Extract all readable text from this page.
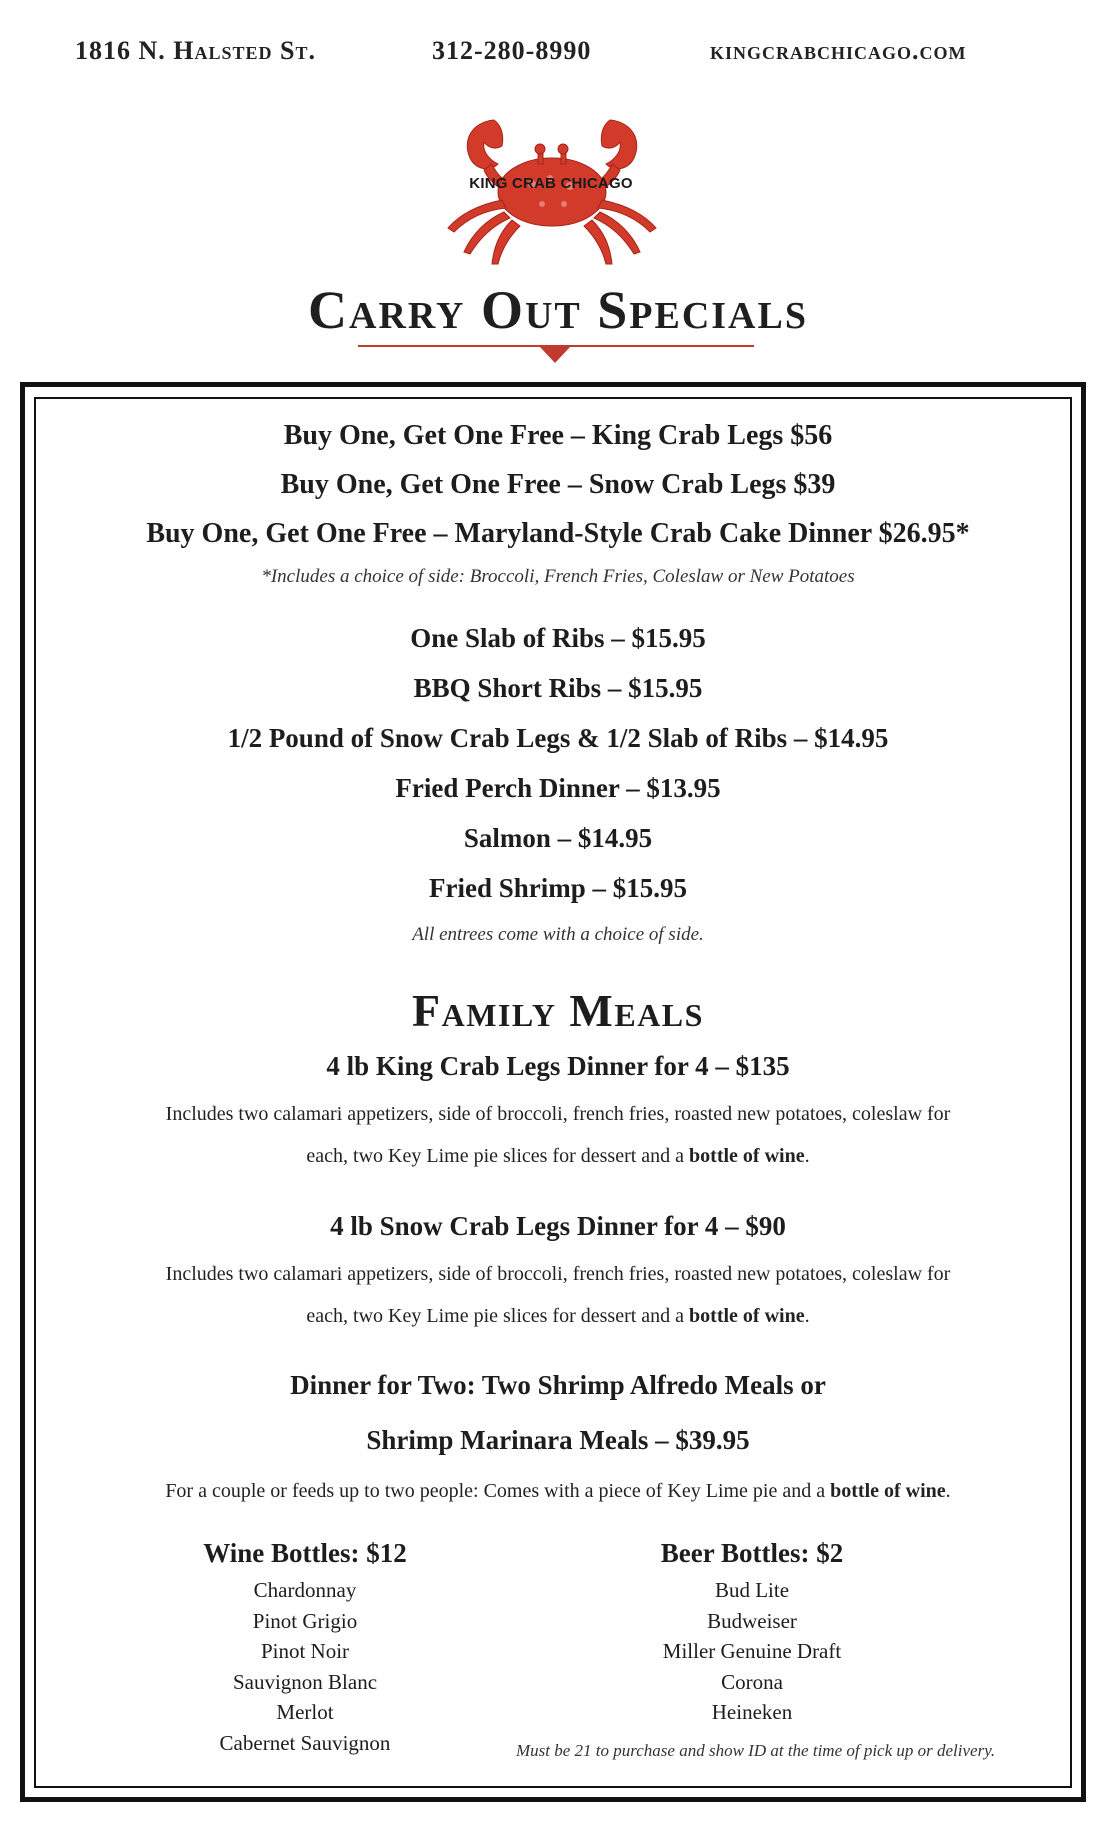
1816 N. Halsted St.	312-280-8990	kingcrabchicago.com
KING CRAB CHICAGO
Carry Out Specials
Buy One, Get One Free – King Crab Legs $56
Buy One, Get One Free – Snow Crab Legs $39
Buy One, Get One Free – Maryland-Style Crab Cake Dinner $26.95*
*Includes a choice of side: Broccoli, French Fries, Coleslaw or New Potatoes
One Slab of Ribs – $15.95
BBQ Short Ribs – $15.95
1/2 Pound of Snow Crab Legs & 1/2 Slab of Ribs – $14.95
Fried Perch Dinner – $13.95
Salmon – $14.95
Fried Shrimp – $15.95
All entrees come with a choice of side.
Family Meals
4 lb King Crab Legs Dinner for 4 – $135
Includes two calamari appetizers, side of broccoli, french fries, roasted new potatoes, coleslaw for
each, two Key Lime pie slices for dessert and a bottle of wine.
4 lb Snow Crab Legs Dinner for 4 – $90
Includes two calamari appetizers, side of broccoli, french fries, roasted new potatoes, coleslaw for
each, two Key Lime pie slices for dessert and a bottle of wine.
Dinner for Two: Two Shrimp Alfredo Meals or
Shrimp Marinara Meals – $39.95
For a couple or feeds up to two people: Comes with a piece of Key Lime pie and a bottle of wine.
Wine Bottles: $12
Chardonnay
Pinot Grigio
Pinot Noir
Sauvignon Blanc
Merlot
Cabernet Sauvignon
Beer Bottles: $2
Bud Lite
Budweiser
Miller Genuine Draft
Corona
Heineken
Must be 21 to purchase and show ID at the time of pick up or delivery.
